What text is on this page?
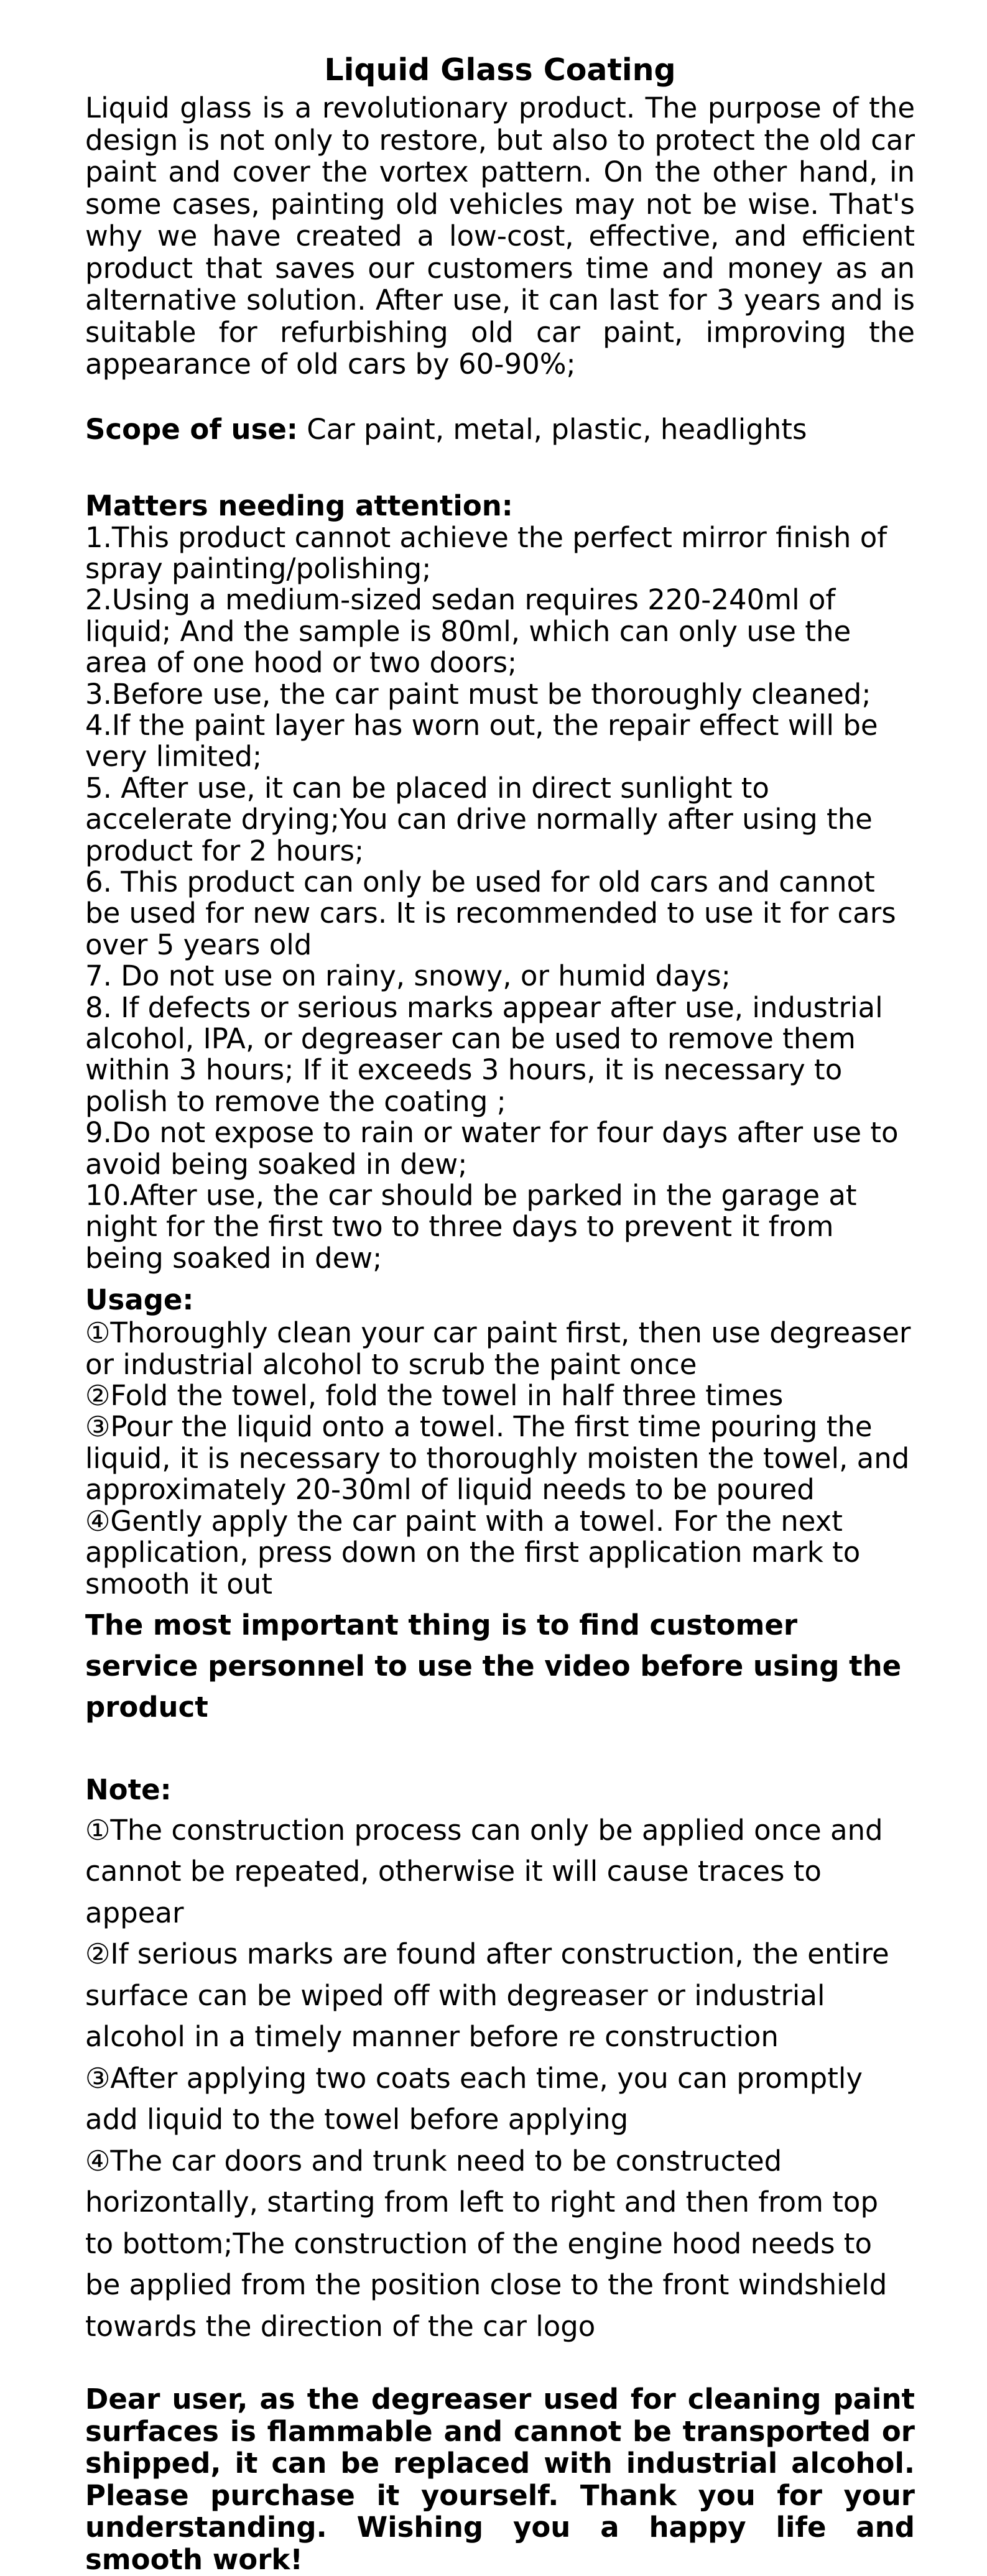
Liquid Glass Coating

Liquid glass is a revolutionary product. The purpose of the design is not only to restore, but also to protect the old car paint and cover the vortex pattern. On the other hand, in some cases, painting old vehicles may not be wise. That's why we have created a low-cost, effective, and efficient product that saves our customers time and money as an alternative solution. After use, it can last for 3 years and is suitable for refurbishing old car paint, improving the appearance of old cars by 60-90%;

Scope of use: Car paint, metal, plastic, headlights
Matters needing attention:

1.This product cannot achieve the perfect mirror finish of spray painting/polishing;

2.Using a medium-sized sedan requires 220-240ml of liquid; And the sample is 80ml, which can only use the area of one hood or two doors;

3.Before use, the car paint must be thoroughly cleaned;

4.If the paint layer has worn out, the repair effect will be very limited;

5. After use, it can be placed in direct sunlight to accelerate drying;You can drive normally after using the product for 2 hours;

6. This product can only be used for old cars and cannot be used for new cars. It is recommended to use it for cars over 5 years old

7. Do not use on rainy, snowy, or humid days;

8. If defects or serious marks appear after use, industrial alcohol, IPA, or degreaser can be used to remove them within 3 hours; If it exceeds 3 hours, it is necessary to polish to remove the coating ;

9.Do not expose to rain or water for four days after use to avoid being soaked in dew;

10.After use, the car should be parked in the garage at night for the first two to three days to prevent it from being soaked in dew;

Usage:

①Thoroughly clean your car paint first, then use degreaser or industrial alcohol to scrub the paint once

②Fold the towel, fold the towel in half three times

③Pour the liquid onto a towel. The first time pouring the liquid, it is necessary to thoroughly moisten the towel, and approximately 20-30ml of liquid needs to be poured

④Gently apply the car paint with a towel. For the next application, press down on the first application mark to smooth it out

The most important thing is to find customer service personnel to use the video before using the product
Note:

①The construction process can only be applied once and cannot be repeated, otherwise it will cause traces to appear

②If serious marks are found after construction, the entire surface can be wiped off with degreaser or industrial alcohol in a timely manner before re construction

③After applying two coats each time, you can promptly add liquid to the towel before applying

④The car doors and trunk need to be constructed horizontally, starting from left to right and then from top to bottom;The construction of the engine hood needs to be applied from the position close to the front windshield towards the direction of the car logo

Dear user, as the degreaser used for cleaning paint surfaces is flammable and cannot be transported or shipped, it can be replaced with industrial alcohol. Please purchase it yourself. Thank you for your understanding. Wishing you a happy life and smooth work!
